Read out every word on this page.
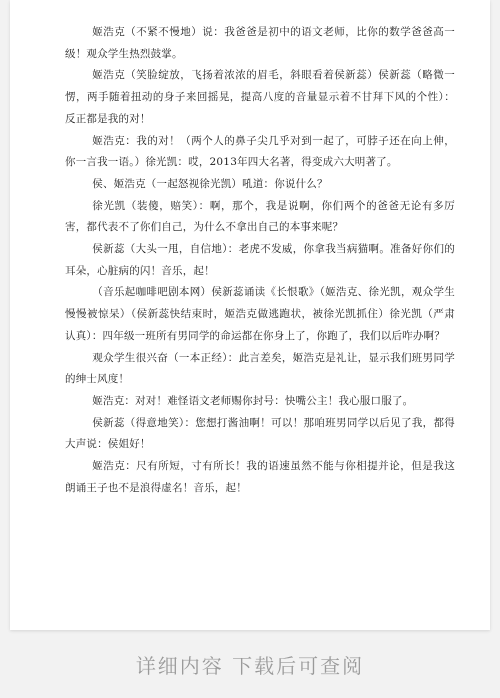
姬浩克（不紧不慢地）说：我爸爸是初中的语文老师，比你的数学爸爸高一级！观众学生热烈鼓掌。

姬浩克（笑脸绽放，飞扬着浓浓的眉毛，斜眼看着侯新蕊）侯新蕊（略微一愣，两手随着扭动的身子来回摇晃，提高八度的音量显示着不甘拜下风的个性）：反正都是我的对！

姬浩克：我的对！（两个人的鼻子尖几乎对到一起了，可脖子还在向上伸，你一言我一语。）徐光凯：哎，2013年四大名著，得变成六大明著了。

侯、姬浩克（一起怒视徐光凯）吼道：你说什么？

徐光凯（装傻，赔笑）：啊，那个，我是说啊，你们两个的爸爸无论有多厉害，都代表不了你们自己，为什么不拿出自己的本事来呢？

侯新蕊（大头一甩，自信地）：老虎不发威，你拿我当病猫啊。准备好你们的耳朵，心脏病的闪！音乐，起！

（音乐起咖啡吧剧本网）侯新蕊诵读《长恨歌》（姬浩克、徐光凯，观众学生慢慢被惊呆）（侯新蕊快结束时，姬浩克做逃跑状，被徐光凯抓住）徐光凯（严肃认真）：四年级一班所有男同学的命运都在你身上了，你跑了，我们以后咋办啊？

观众学生很兴奋（一本正经）：此言差矣，姬浩克是礼让，显示我们班男同学的绅士风度！

姬浩克：对对！难怪语文老师赐你封号：快嘴公主！我心服口服了。

侯新蕊（得意地笑）：您想打酱油啊！可以！那咱班男同学以后见了我，都得大声说：侯姐好！

姬浩克：尺有所短，寸有所长！我的语速虽然不能与你相提并论，但是我这朗诵王子也不是浪得虚名！音乐，起！

详细内容 下载后可查阅
